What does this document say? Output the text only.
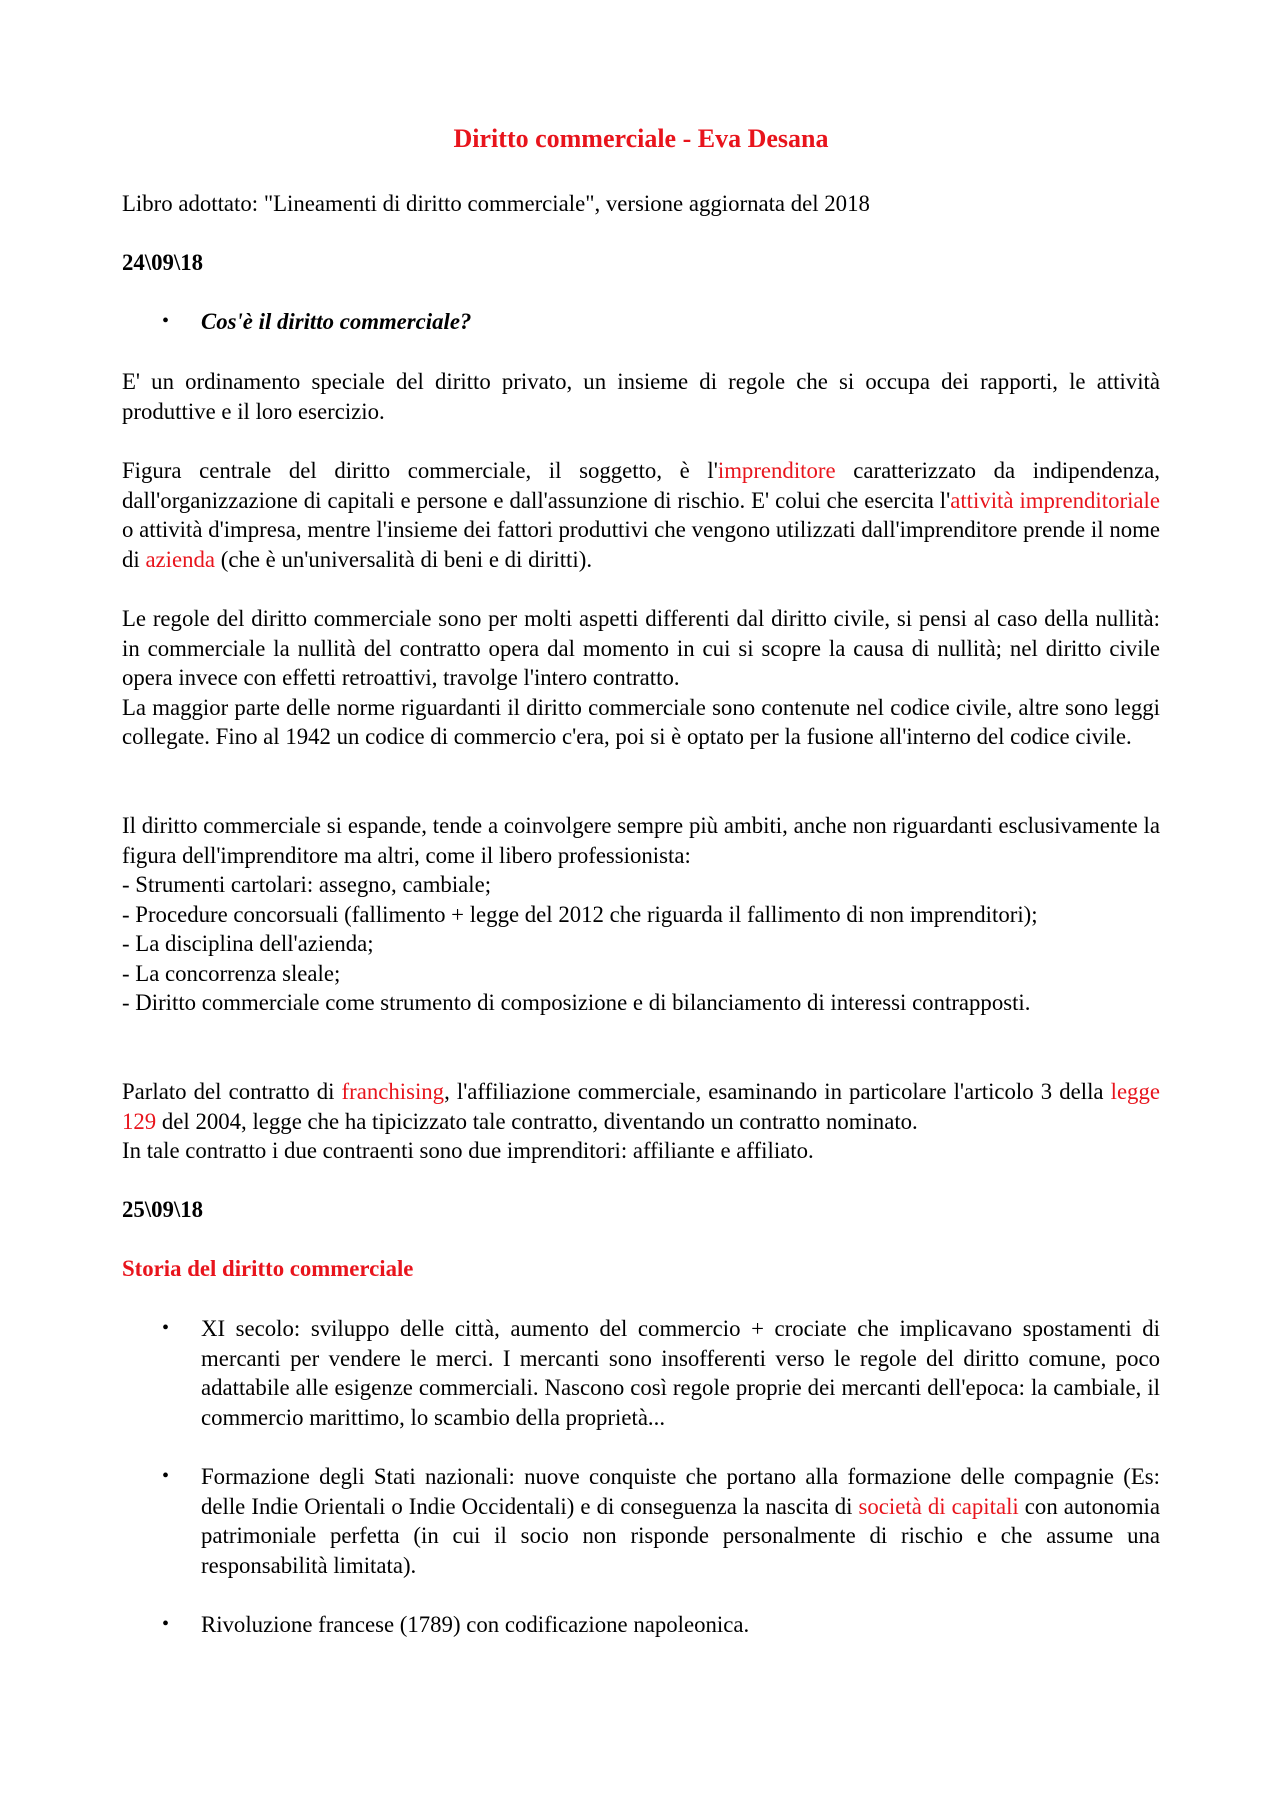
Diritto commerciale - Eva Desana

Libro adottato: "Lineamenti di diritto commerciale", versione aggiornata del 2018

24\09\18

• Cos'è il diritto commerciale?

E' un ordinamento speciale del diritto privato, un insieme di regole che si occupa dei rapporti, le attività produttive e il loro esercizio.

Figura centrale del diritto commerciale, il soggetto, è l'imprenditore caratterizzato da indipendenza, dall'organizzazione di capitali e persone e dall'assunzione di rischio. E' colui che esercita l'attività imprenditoriale o attività d'impresa, mentre l'insieme dei fattori produttivi che vengono utilizzati dall'imprenditore prende il nome di azienda (che è un'universalità di beni e di diritti).

Le regole del diritto commerciale sono per molti aspetti differenti dal diritto civile, si pensi al caso della nullità: in commerciale la nullità del contratto opera dal momento in cui si scopre la causa di nullità; nel diritto civile opera invece con effetti retroattivi, travolge l'intero contratto.
La maggior parte delle norme riguardanti il diritto commerciale sono contenute nel codice civile, altre sono leggi collegate. Fino al 1942 un codice di commercio c'era, poi si è optato per la fusione all'interno del codice civile.

Il diritto commerciale si espande, tende a coinvolgere sempre più ambiti, anche non riguardanti esclusivamente la figura dell'imprenditore ma altri, come il libero professionista:
- Strumenti cartolari: assegno, cambiale;
- Procedure concorsuali (fallimento + legge del 2012 che riguarda il fallimento di non imprenditori);
- La disciplina dell'azienda;
- La concorrenza sleale;
- Diritto commerciale come strumento di composizione e di bilanciamento di interessi contrapposti.

Parlato del contratto di franchising, l'affiliazione commerciale, esaminando in particolare l'articolo 3 della legge 129 del 2004, legge che ha tipicizzato tale contratto, diventando un contratto nominato.
In tale contratto i due contraenti sono due imprenditori: affiliante e affiliato.

25\09\18

Storia del diritto commerciale

• XI secolo: sviluppo delle città, aumento del commercio + crociate che implicavano spostamenti di mercanti per vendere le merci. I mercanti sono insofferenti verso le regole del diritto comune, poco adattabile alle esigenze commerciali. Nascono così regole proprie dei mercanti dell'epoca: la cambiale, il commercio marittimo, lo scambio della proprietà...

• Formazione degli Stati nazionali: nuove conquiste che portano alla formazione delle compagnie (Es: delle Indie Orientali o Indie Occidentali) e di conseguenza la nascita di società di capitali con autonomia patrimoniale perfetta (in cui il socio non risponde personalmente di rischio e che assume una responsabilità limitata).

• Rivoluzione francese (1789) con codificazione napoleonica.
